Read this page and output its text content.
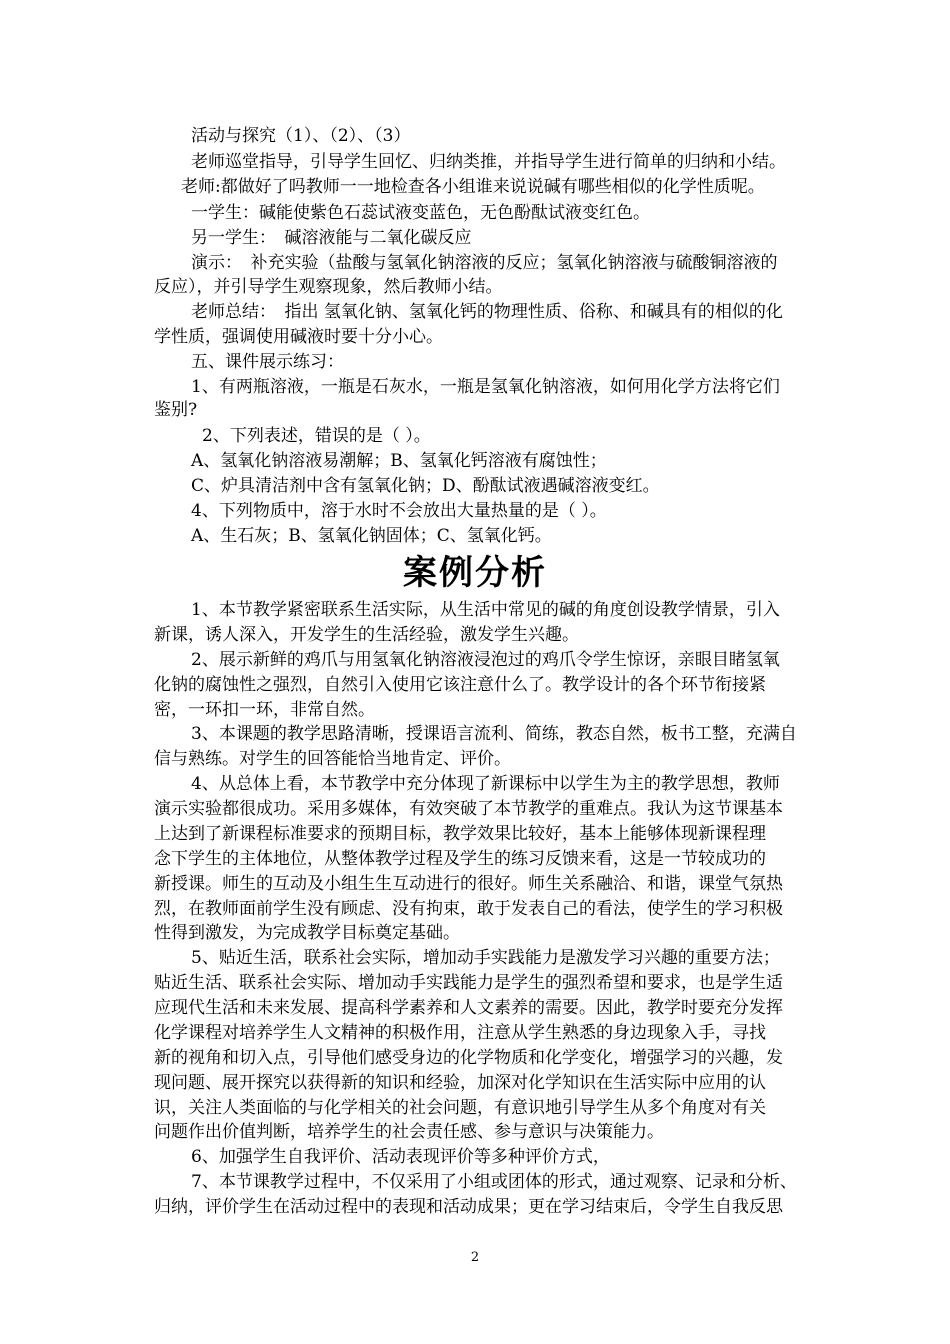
活动与探究（1）、（2）、（3）
老师巡堂指导，引导学生回忆、归纳类推，并指导学生进行简单的归纳和小结。
老师:都做好了吗教师一一地检查各小组谁来说说碱有哪些相似的化学性质呢。
一学生：碱能使紫色石蕊试液变蓝色，无色酚酞试液变红色。
另一学生：　碱溶液能与二氧化碳反应
演示：　补充实验（盐酸与氢氧化钠溶液的反应；氢氧化钠溶液与硫酸铜溶液的
反应），并引导学生观察现象，然后教师小结。
老师总结：　指出 氢氧化钠、氢氧化钙的物理性质、俗称、和碱具有的相似的化
学性质，强调使用碱液时要十分小心。
五、课件展示练习：
1、有两瓶溶液，一瓶是石灰水，一瓶是氢氧化钠溶液，如何用化学方法将它们
鉴别?
2、下列表述，错误的是（ ）。
A、氢氧化钠溶液易潮解；B、氢氧化钙溶液有腐蚀性；
C、炉具清洁剂中含有氢氧化钠；D、酚酞试液遇碱溶液变红。
4、下列物质中，溶于水时不会放出大量热量的是（ ）。
A、生石灰；B、氢氧化钠固体；C、氢氧化钙。
案例分析
1、本节教学紧密联系生活实际，从生活中常见的碱的角度创设教学情景，引入
新课，诱人深入，开发学生的生活经验，激发学生兴趣。
2、展示新鲜的鸡爪与用氢氧化钠溶液浸泡过的鸡爪令学生惊讶，亲眼目睹氢氧
化钠的腐蚀性之强烈，自然引入使用它该注意什么了。教学设计的各个环节衔接紧
密，一环扣一环，非常自然。
3、本课题的教学思路清晰，授课语言流利、简练，教态自然，板书工整，充满自
信与熟练。对学生的回答能恰当地肯定、评价。
4、从总体上看，本节教学中充分体现了新课标中以学生为主的教学思想，教师
演示实验都很成功。采用多媒体，有效突破了本节教学的重难点。我认为这节课基本
上达到了新课程标准要求的预期目标，教学效果比较好，基本上能够体现新课程理
念下学生的主体地位，从整体教学过程及学生的练习反馈来看，这是一节较成功的
新授课。师生的互动及小组生生互动进行的很好。师生关系融洽、和谐，课堂气氛热
烈，在教师面前学生没有顾虑、没有拘束，敢于发表自己的看法，使学生的学习积极
性得到激发，为完成教学目标奠定基础。
5、贴近生活，联系社会实际，增加动手实践能力是激发学习兴趣的重要方法；
贴近生活、联系社会实际、增加动手实践能力是学生的强烈希望和要求，也是学生适
应现代生活和未来发展、提高科学素养和人文素养的需要。因此，教学时要充分发挥
化学课程对培养学生人文精神的积极作用，注意从学生熟悉的身边现象入手，寻找
新的视角和切入点，引导他们感受身边的化学物质和化学变化，增强学习的兴趣，发
现问题、展开探究以获得新的知识和经验，加深对化学知识在生活实际中应用的认
识，关注人类面临的与化学相关的社会问题，有意识地引导学生从多个角度对有关
问题作出价值判断，培养学生的社会责任感、参与意识与决策能力。
6、加强学生自我评价、活动表现评价等多种评价方式，
7、本节课教学过程中，不仅采用了小组或团体的形式，通过观察、记录和分析、
归纳，评价学生在活动过程中的表现和活动成果；更在学习结束后，令学生自我反思
2
